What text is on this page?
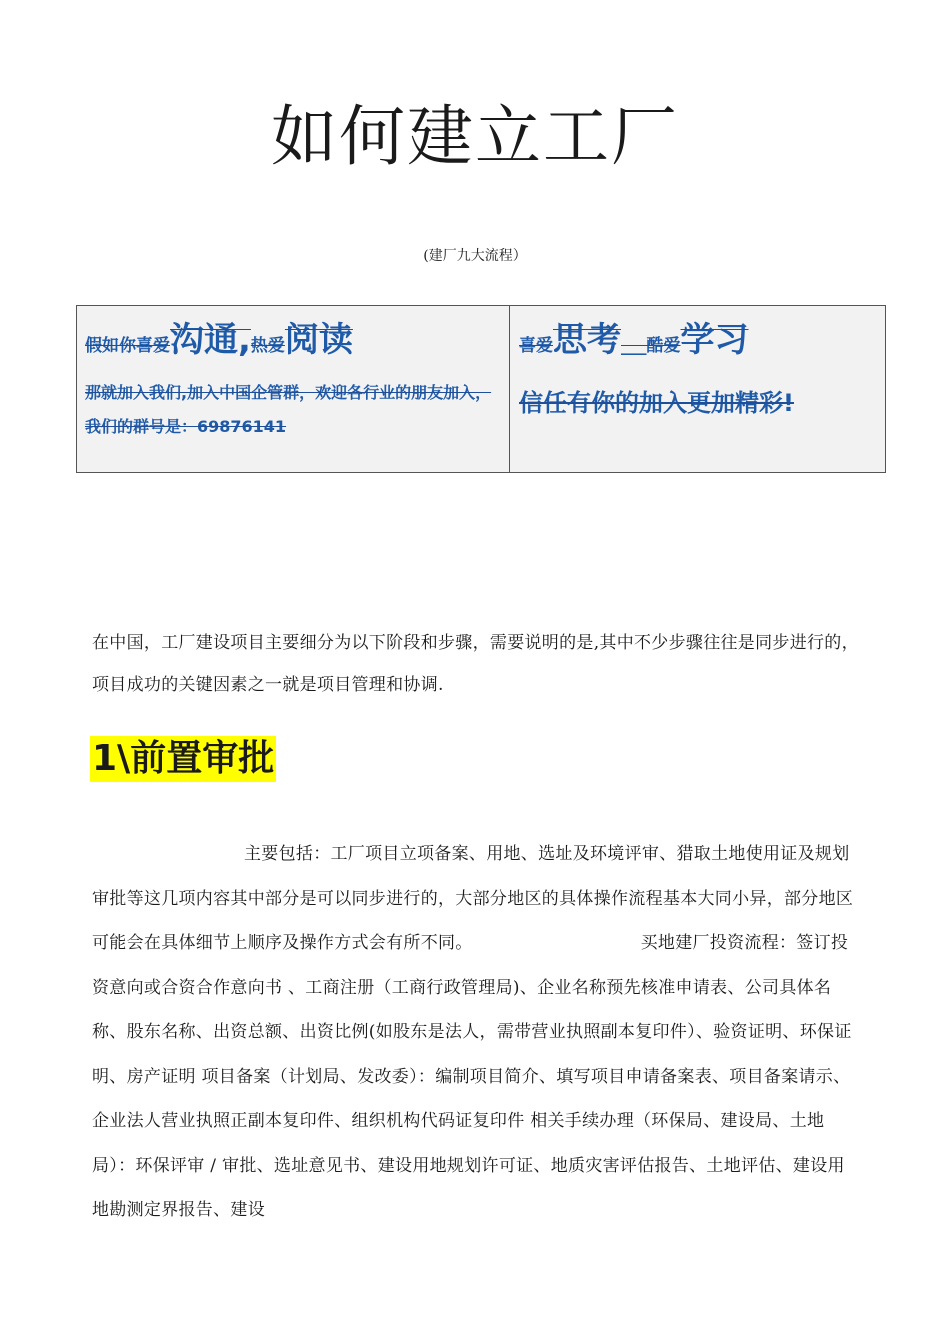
如何建立工厂
(建厂九大流程）
假如你喜爱沟通,热爱阅读
那就加入我们,加入中国企管群，欢迎各行业的朋友加入，我们的群号是：69876141
喜爱思考___酷爱学习
信任有你的加入更加精彩!
在中国，工厂建设项目主要细分为以下阶段和步骤，需要说明的是,其中不少步骤往往是同步进行的，项目成功的关键因素之一就是项目管理和协调.
1\前置审批
主要包括：工厂项目立项备案、用地、选址及环境评审、猎取土地使用证及规划审批等这几项内容其中部分是可以同步进行的，大部分地区的具体操作流程基本大同小异，部分地区可能会在具体细节上顺序及操作方式会有所不同。	买地建厂投资流程：签订投资意向或合资合作意向书 、工商注册（工商行政管理局)、企业名称预先核准申请表、公司具体名称、股东名称、出资总额、出资比例(如股东是法人，需带营业执照副本复印件）、验资证明、环保证明、房产证明 项目备案（计划局、发改委）：编制项目简介、填写项目申请备案表、项目备案请示、企业法人营业执照正副本复印件、组织机构代码证复印件 相关手续办理（环保局、建设局、土地局）：环保评审 / 审批、选址意见书、建设用地规划许可证、地质灾害评估报告、土地评估、建设用地勘测定界报告、建设
